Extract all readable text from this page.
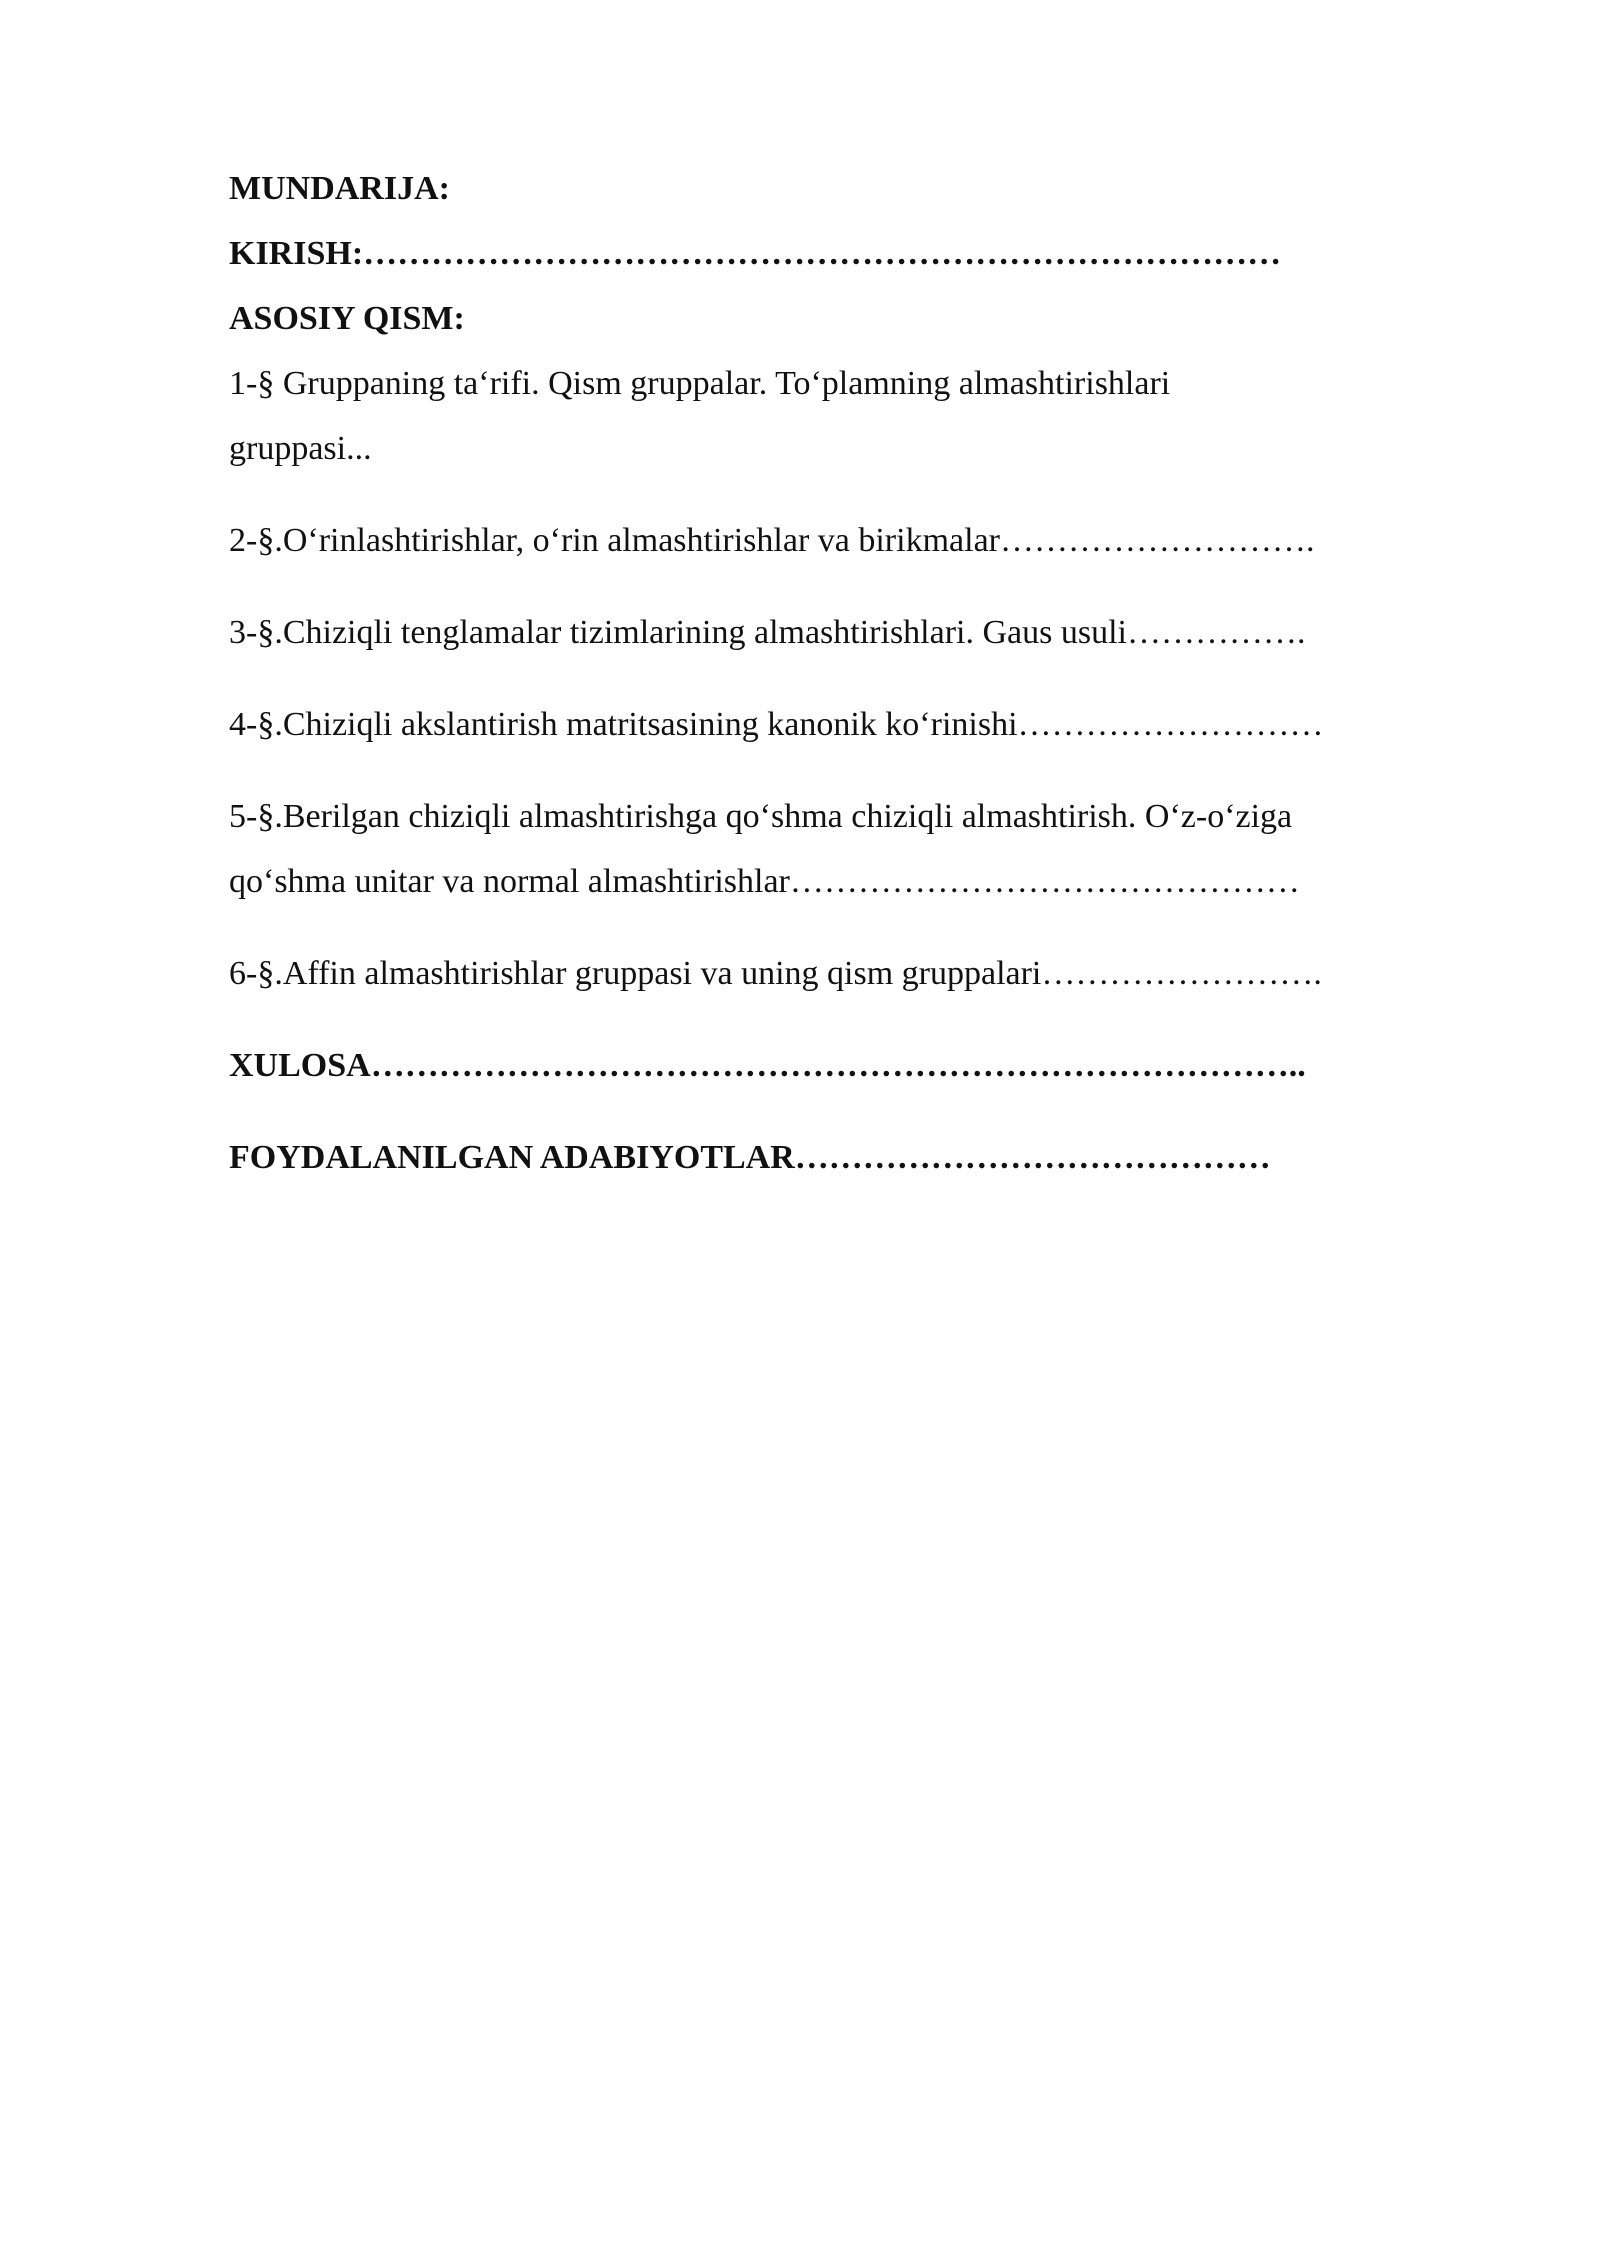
MUNDARIJA:

KIRISH:………………………………………………………………………

ASOSIY QISM:

1-§ Gruppaning ta‘rifi. Qism gruppalar. To‘plamning almashtirishlari
gruppasi...
2-§.O‘rinlashtirishlar, o‘rin almashtirishlar va birikmalar……………………….
3-§.Chiziqli tenglamalar tizimlarining almashtirishlari. Gaus usuli…………….
4-§.Chiziqli akslantirish matritsasining kanonik ko‘rinishi………………………
5-§.Berilgan chiziqli almashtirishga qo‘shma chiziqli almashtirish. O‘z-o‘ziga
qo‘shma unitar va normal almashtirishlar………………………………………
6-§.Affin almashtirishlar gruppasi va uning qism gruppalari…………………….
XULOSA………………………………………………………………………..
FOYDALANILGAN ADABIYOTLAR……………………………………
